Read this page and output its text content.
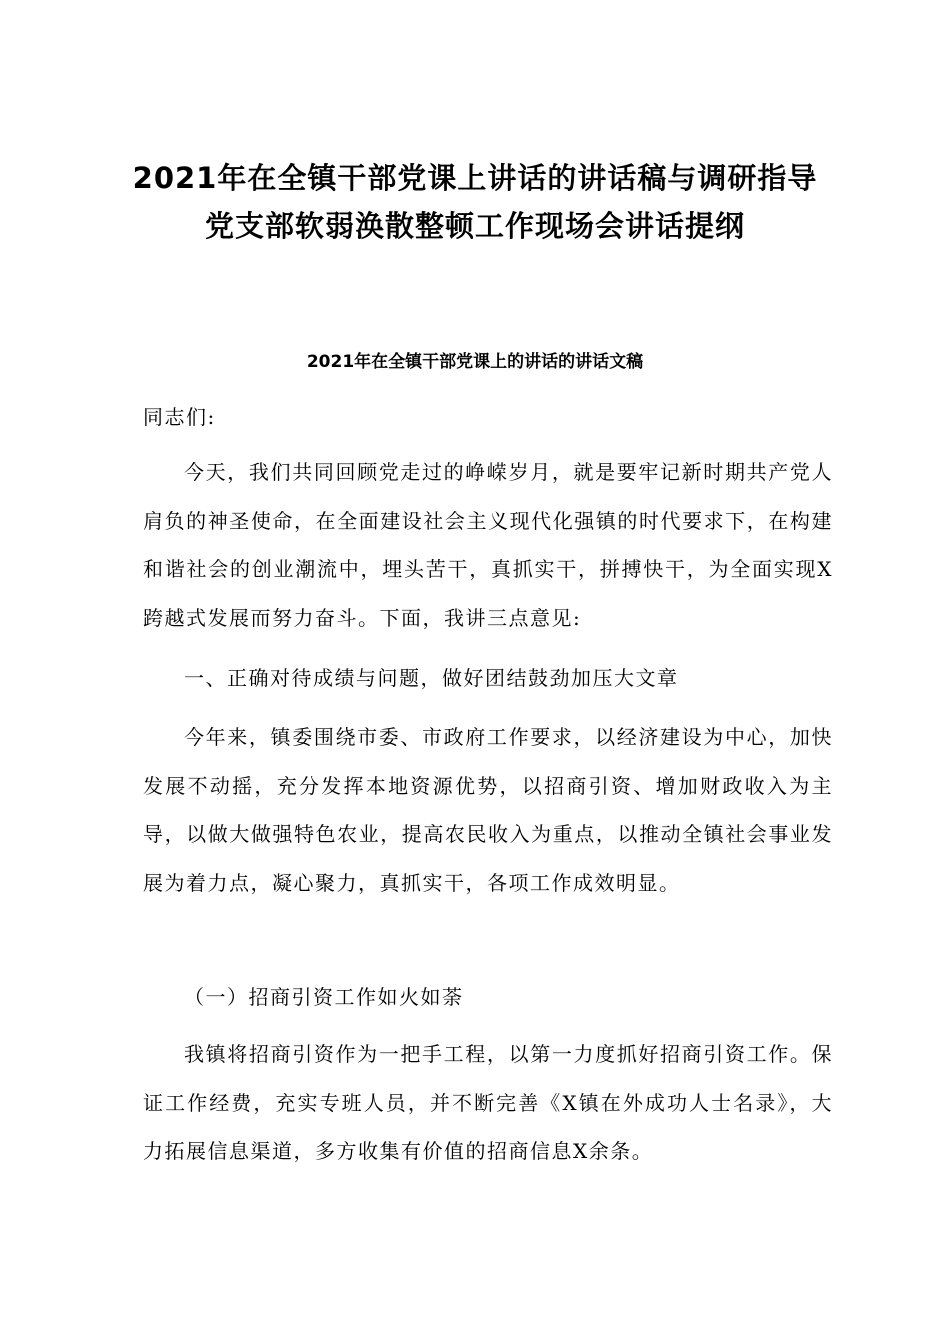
2021年在全镇干部党课上讲话的讲话稿与调研指导
党支部软弱涣散整顿工作现场会讲话提纲
2021年在全镇干部党课上的讲话的讲话文稿

同志们:

今天，我们共同回顾党走过的峥嵘岁月，就是要牢记新时期共产党人肩负的神圣使命，在全面建设社会主义现代化强镇的时代要求下，在构建和谐社会的创业潮流中，埋头苦干，真抓实干，拼搏快干，为全面实现X跨越式发展而努力奋斗。下面，我讲三点意见:

一、正确对待成绩与问题，做好团结鼓劲加压大文章

今年来，镇委围绕市委、市政府工作要求，以经济建设为中心，加快发展不动摇，充分发挥本地资源优势，以招商引资、增加财政收入为主导，以做大做强特色农业，提高农民收入为重点，以推动全镇社会事业发展为着力点，凝心聚力，真抓实干，各项工作成效明显。

（一）招商引资工作如火如荼

我镇将招商引资作为一把手工程，以第一力度抓好招商引资工作。保证工作经费，充实专班人员，并不断完善《X镇在外成功人士名录》，大力拓展信息渠道，多方收集有价值的招商信息X余条。
